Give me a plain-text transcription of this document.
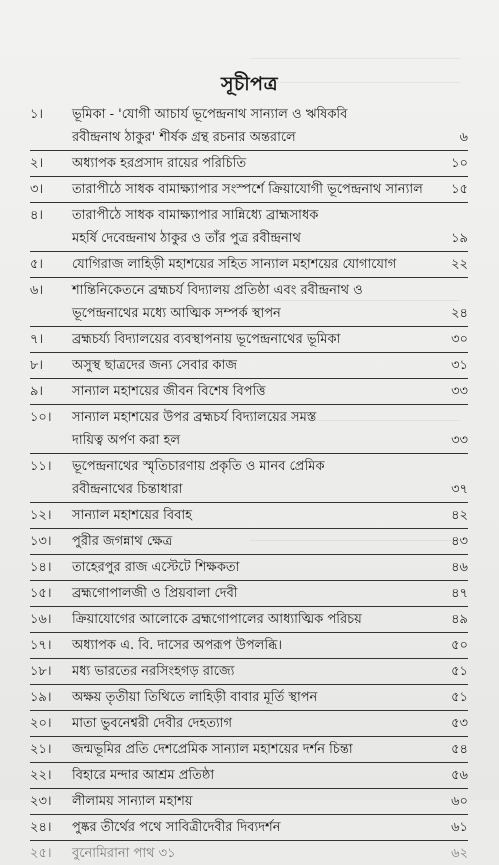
সূচীপত্র
১।	ভূমিকা - 'যোগী আচার্য ভূপেন্দ্রনাথ সান্যাল ও ঋষিকবি
রবীন্দ্রনাথ ঠাকুর' শীর্ষক গ্রন্থ রচনার অন্তরালে	৬
২।	অধ্যাপক হরপ্রসাদ রায়ের পরিচিতি	১০
৩।	তারাপীঠে সাধক বামাক্ষ্যাপার সংস্পর্শে ক্রিয়াযোগী ভূপেন্দ্রনাথ সান্যাল	১৫
৪।	তারাপীঠে সাধক বামাক্ষ্যাপার সান্নিধ্যে ব্রাহ্মসাধক
মহর্ষি দেবেন্দ্রনাথ ঠাকুর ও তাঁর পুত্র রবীন্দ্রনাথ	১৯
৫।	যোগিরাজ লাহিড়ী মহাশয়ের সহিত সান্যাল মহাশয়ের যোগাযোগ	২২
৬।	শান্তিনিকেতনে ব্রহ্মচর্য বিদ্যালয় প্রতিষ্ঠা এবং রবীন্দ্রনাথ ও
ভূপেন্দ্রনাথের মধ্যে আত্মিক সম্পর্ক স্থাপন	২৪
৭।	ব্রহ্মচর্য্য বিদ্যালয়ের ব্যবস্থাপনায় ভূপেন্দ্রনাথের ভূমিকা	৩০
৮।	অসুস্থ ছাত্রদের জন্য সেবার কাজ	৩১
৯।	সান্যাল মহাশয়ের জীবন বিশেষ বিপত্তি	৩৩
১০।	সান্যাল মহাশয়ের উপর ব্রহ্মচর্য বিদ্যালয়ের সমস্ত
দায়িত্ব অর্পণ করা হল	৩৩
১১।	ভূপেন্দ্রনাথের স্মৃতিচারণায় প্রকৃতি ও মানব প্রেমিক
রবীন্দ্রনাথের চিন্তাধারা	৩৭
১২।	সান্যাল মহাশয়ের বিবাহ	৪২
১৩।	পুরীর জগন্নাথ ক্ষেত্র	৪৩
১৪।	তাহেরপুর রাজ এস্টেটে শিক্ষকতা	৪৬
১৫।	ব্রহ্মগোপালজী ও প্রিয়বালা দেবী	৪৭
১৬।	ক্রিয়াযোগের আলোকে ব্রহ্মগোপালের আধ্যাত্মিক পরিচয়	৪৯
১৭।	অধ্যাপক এ. বি. দাসের অপরূপ উপলব্ধি।	৫০
১৮।	মধ্য ভারতের নরসিংহগড় রাজ্যে	৫১
১৯।	অক্ষয় তৃতীয়া তিথিতে লাহিড়ী বাবার মূর্তি স্থাপন	৫১
২০।	মাতা ভুবনেশ্বরী দেবীর দেহত্যাগ	৫৩
২১।	জন্মভূমির প্রতি দেশপ্রেমিক সান্যাল মহাশয়ের দর্শন চিন্তা	৫৪
২২।	বিহারে মন্দার আশ্রম প্রতিষ্ঠা	৫৬
২৩।	লীলাময় সান্যাল মহাশয়	৬০
২৪।	পুষ্কর তীর্থের পথে সাবিত্রীদেবীর দিব্যদর্শন	৬১
২৫।	বুনোমিরানা পাথ ৩১	৬২
